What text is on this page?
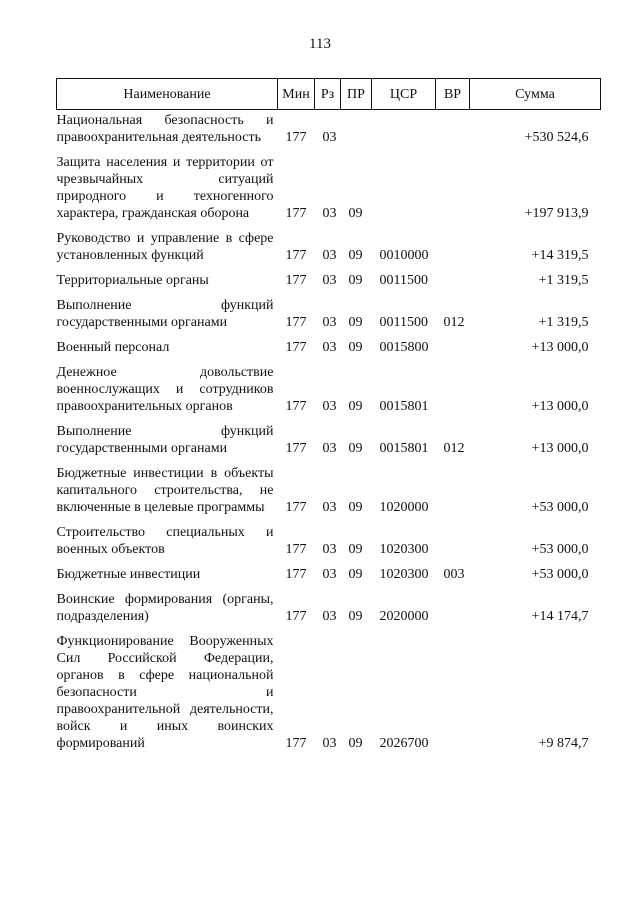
113
Наименование	Мин	Рз	ПР	ЦСР	ВР	Сумма
Национальная безопасность и правоохранительная деятельность	177	03				+530 524,6

Защита населения и территории от чрезвычайных ситуаций природного и техногенного характера, гражданская оборона	177	03	09			+197 913,9

Руководство и управление в сфере установленных функций	177	03	09	0010000		+14 319,5

Территориальные органы	177	03	09	0011500		+1 319,5

Выполнение функций государственными органами	177	03	09	0011500	012	+1 319,5

Военный персонал	177	03	09	0015800		+13 000,0

Денежное довольствие военнослужащих и сотрудников правоохранительных органов	177	03	09	0015801		+13 000,0

Выполнение функций государственными органами	177	03	09	0015801	012	+13 000,0

Бюджетные инвестиции в объекты капитального строительства, не включенные в целевые программы	177	03	09	1020000		+53 000,0

Строительство специальных и военных объектов	177	03	09	1020300		+53 000,0

Бюджетные инвестиции	177	03	09	1020300	003	+53 000,0

Воинские формирования (органы, подразделения)	177	03	09	2020000		+14 174,7

Функционирование Вооруженных Сил Российской Федерации, органов в сфере национальной безопасности и правоохранительной деятельности, войск и иных воинских формирований	177	03	09	2026700		+9 874,7
